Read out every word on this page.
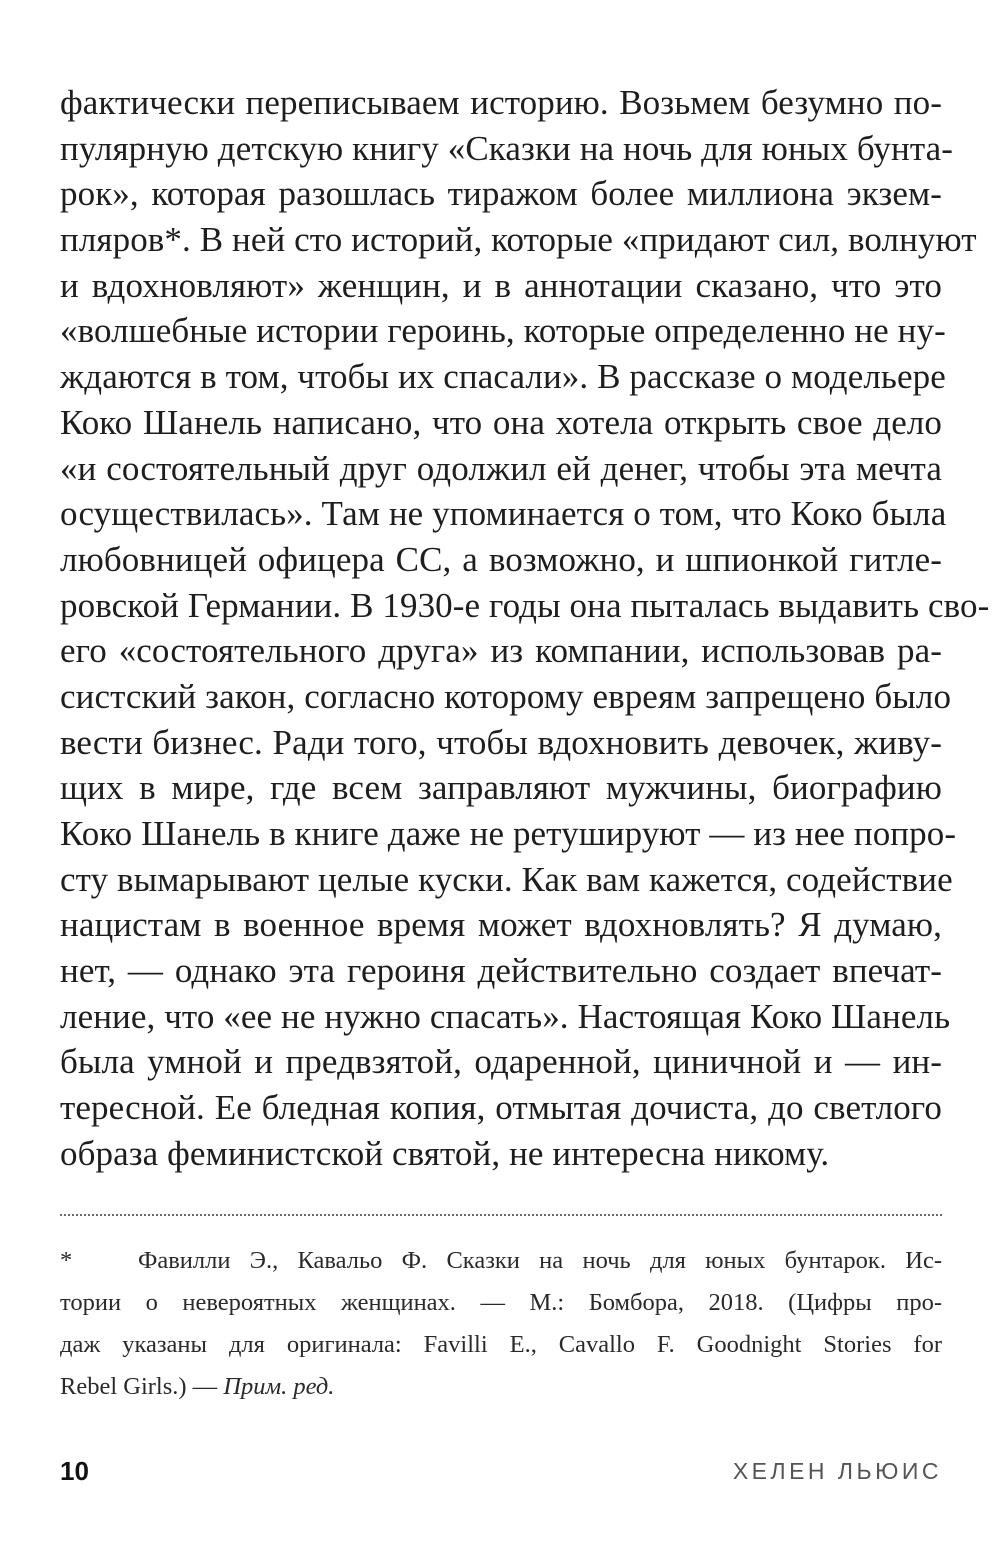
фактически переписываем историю. Возьмем безумно по-
пулярную детскую книгу «Сказки на ночь для юных бунта-
рок», которая разошлась тиражом более миллиона экзем-
пляров*. В ней сто историй, которые «придают сил, волнуют
и вдохновляют» женщин, и в аннотации сказано, что это
«волшебные истории героинь, которые определенно не ну-
ждаются в том, чтобы их спасали». В рассказе о модельере
Коко Шанель написано, что она хотела открыть свое дело
«и состоятельный друг одолжил ей денег, чтобы эта мечта
осуществилась». Там не упоминается о том, что Коко была
любовницей офицера СС, а возможно, и шпионкой гитле-
ровской Германии. В 1930-е годы она пыталась выдавить сво-
его «состоятельного друга» из компании, использовав ра-
систский закон, согласно которому евреям запрещено было
вести бизнес. Ради того, чтобы вдохновить девочек, живу-
щих в мире, где всем заправляют мужчины, биографию
Коко Шанель в книге даже не ретушируют — из нее попро-
сту вымарывают целые куски. Как вам кажется, содействие
нацистам в военное время может вдохновлять? Я думаю,
нет, — однако эта героиня действительно создает впечат-
ление, что «ее не нужно спасать». Настоящая Коко Шанель
была умной и предвзятой, одаренной, циничной и — ин-
тересной. Ее бледная копия, отмытая дочиста, до светлого
образа феминистской святой, не интересна никому.
*	Фавилли Э., Кавальо Ф. Сказки на ночь для юных бунтарок. Ис-
тории о невероятных женщинах. — М.: Бомбора, 2018. (Цифры про-
даж указаны для оригинала: Favilli E., Cavallo F. Goodnight Stories for
Rebel Girls.) — Прим. ред.
10	ХЕЛЕН ЛЬЮИС
